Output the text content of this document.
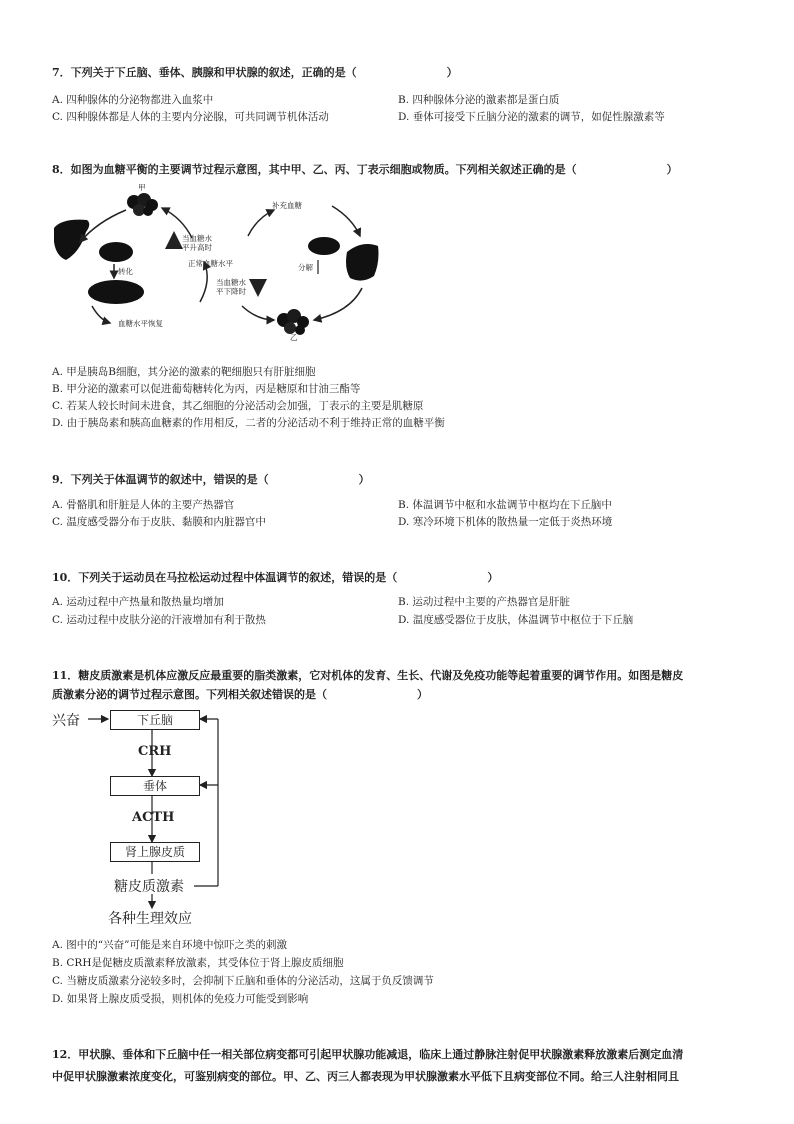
7．下列关于下丘脑、垂体、胰腺和甲状腺的叙述，正确的是（	）
A. 四种腺体的分泌物都进入血浆中	B. 四种腺体分泌的激素都是蛋白质
C. 四种腺体都是人体的主要内分泌腺，可共同调节机体活动	D. 垂体可接受下丘脑分泌的激素的调节，如促性腺激素等
8．如图为血糖平衡的主要调节过程示意图，其中甲、乙、丙、丁表示细胞或物质。下列相关叙述正确的是（	）
甲
乙
补充血糖
当血糖水
平升高时
正常血糖水平
当血糖水
平下降时
转化	分解
血糖水平恢复
A. 甲是胰岛B细胞，其分泌的激素的靶细胞只有肝脏细胞
B. 甲分泌的激素可以促进葡萄糖转化为丙，丙是糖原和甘油三酯等
C. 若某人较长时间未进食，其乙细胞的分泌活动会加强，丁表示的主要是肌糖原
D. 由于胰岛素和胰高血糖素的作用相反，二者的分泌活动不利于维持正常的血糖平衡
9．下列关于体温调节的叙述中，错误的是（	）
A. 骨骼肌和肝脏是人体的主要产热器官	B. 体温调节中枢和水盐调节中枢均在下丘脑中
C. 温度感受器分布于皮肤、黏膜和内脏器官中	D. 寒冷环境下机体的散热量一定低于炎热环境
10．下列关于运动员在马拉松运动过程中体温调节的叙述，错误的是（	）
A. 运动过程中产热量和散热量均增加	B. 运动过程中主要的产热器官是肝脏
C. 运动过程中皮肤分泌的汗液增加有利于散热	D. 温度感受器位于皮肤，体温调节中枢位于下丘脑
11．糖皮质激素是机体应激反应最重要的脂类激素，它对机体的发育、生长、代谢及免疫功能等起着重要的调节作用。如图是糖皮
质激素分泌的调节过程示意图。下列相关叙述错误的是（	）
兴奋	下丘脑
CRH
垂体
ACTH
肾上腺皮质
糖皮质激素
各种生理效应
A. 图中的“兴奋”可能是来自环境中惊吓之类的刺激
B. CRH是促糖皮质激素释放激素，其受体位于肾上腺皮质细胞
C. 当糖皮质激素分泌较多时，会抑制下丘脑和垂体的分泌活动，这属于负反馈调节
D. 如果肾上腺皮质受损，则机体的免疫力可能受到影响
12．甲状腺、垂体和下丘脑中任一相关部位病变都可引起甲状腺功能减退，临床上通过静脉注射促甲状腺激素释放激素后测定血清
中促甲状腺激素浓度变化，可鉴别病变的部位。甲、乙、丙三人都表现为甲状腺激素水平低下且病变部位不同。给三人注射相同且
